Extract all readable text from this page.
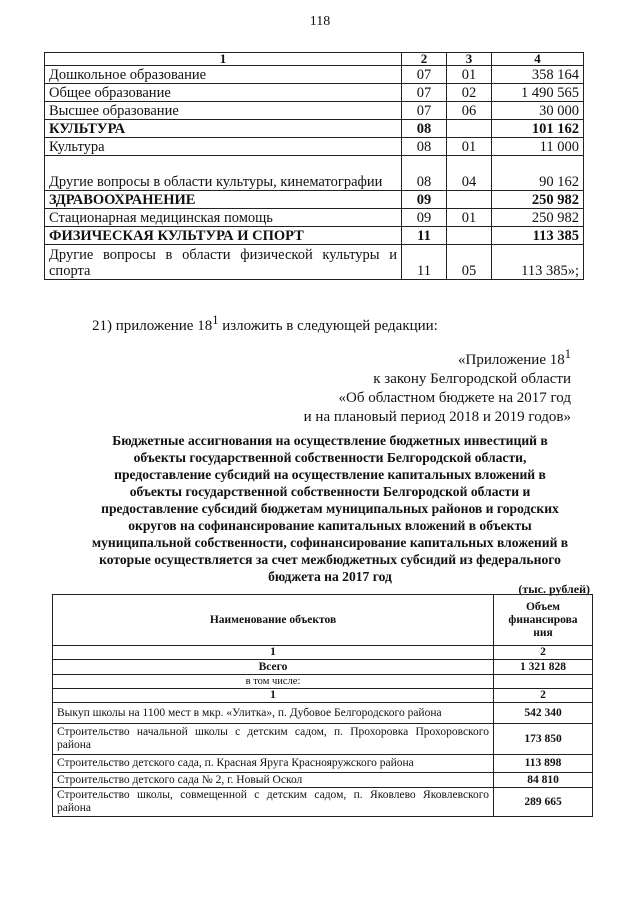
118
1	2	3	4
Дошкольное образование	07	01	358 164
Общее образование	07	02	1 490 565
Высшее образование	07	06	30 000
КУЛЬТУРА	08		101 162
Культура	08	01	11 000
Другие вопросы в области культуры, кинематографии	08	04	90 162
ЗДРАВООХРАНЕНИЕ	09		250 982
Стационарная медицинская помощь	09	01	250 982
ФИЗИЧЕСКАЯ КУЛЬТУРА И СПОРТ	11		113 385
Другие вопросы в области физической культуры и спорта	11	05	113 385»;
21) приложение $18^1$ изложить в следующей редакции:
«Приложение $18^1$
к закону Белгородской области
«Об областном бюджете на 2017 год
и на плановый период 2018 и 2019 годов»
Бюджетные ассигнования на осуществление бюджетных инвестиций в
объекты государственной собственности Белгородской области,
предоставление субсидий на осуществление капитальных вложений в
объекты государственной собственности Белгородской области и
предоставление субсидий бюджетам муниципальных районов и городских
округов на софинансирование капитальных вложений в объекты
муниципальной собственности, софинансирование капитальных вложений в
которые осуществляется за счет межбюджетных субсидий из федерального
бюджета на 2017 год
(тыс. рублей)
Наименование объектов	Объем финансирова ния
1	2
Всего	1 321 828
в том числе:	
1	2
Выкуп школы на 1100 мест в мкр. «Улитка», п. Дубовое Белгородского района	542 340
Строительство начальной школы с детским садом, п. Прохоровка Прохоровского района	173 850
Строительство детского сада, п. Красная Яруга Краснояружского района	113 898
Строительство детского сада № 2, г. Новый Оскол	84 810
Строительство школы, совмещенной с детским садом, п. Яковлево Яковлевского района	289 665
